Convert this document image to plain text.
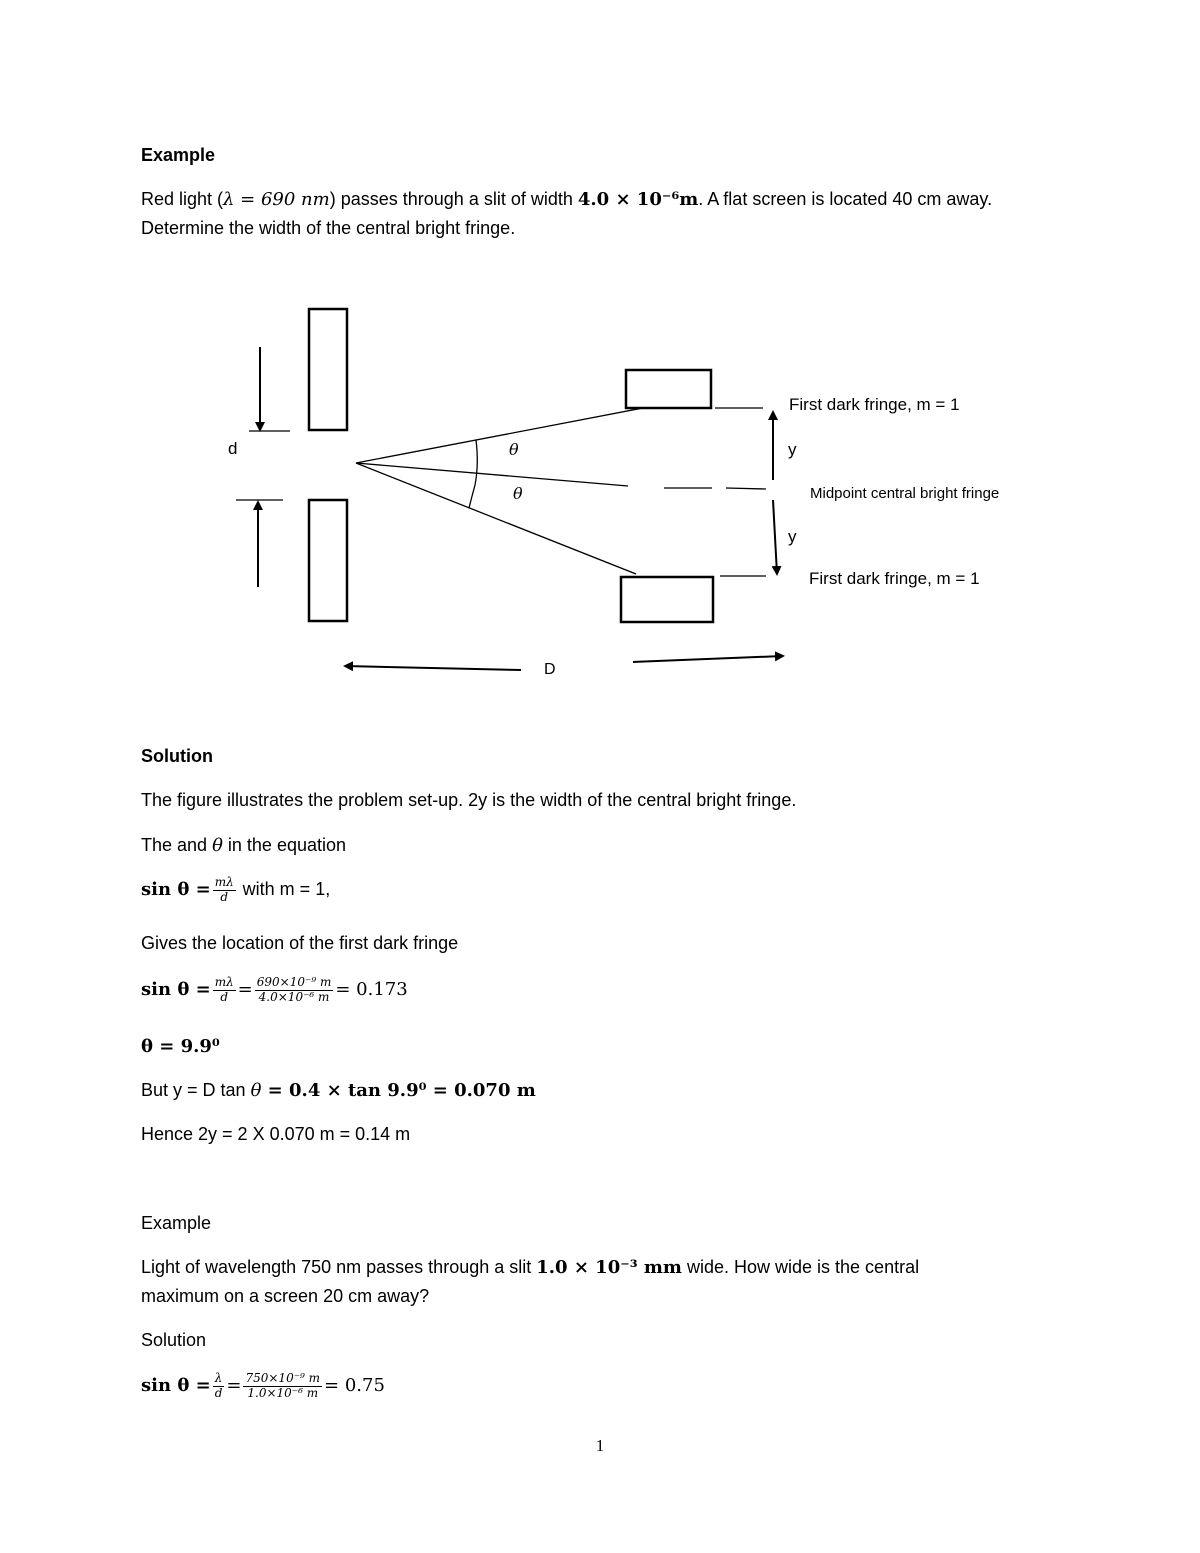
Example
Red light (λ = 690 nm) passes through a slit of width 4.0 × 10⁻⁶m. A flat screen is located 40 cm away.
Determine the width of the central bright fringe.
d	θ
θ
y
y
D
First dark fringe, m = 1
Midpoint central bright fringe
First dark fringe, m = 1
Solution
The figure illustrates the problem set-up. 2y is the width of the central bright fringe.
The and θ in the equation
$\sin \theta = \frac{m\lambda}{d}$ with m = 1,
Gives the location of the first dark fringe
$\sin \theta = \frac{m\lambda}{d} = \frac{\text{690×10⁻⁹ m}}{\text{4.0×10⁻⁶ m}} = 0.173$
θ = 9.9⁰
But y = D tan θ = 0.4 × tan 9.9⁰ = 0.070 m
Hence 2y = 2 X 0.070 m = 0.14 m
Example
Light of wavelength 750 nm passes through a slit 1.0 × 10⁻³ mm wide. How wide is the central
maximum on a screen 20 cm away?
Solution
$\sin \theta = \frac{\lambda}{d} = \frac{\text{750×10⁻⁹ m}}{\text{1.0×10⁻⁶ m}} = 0.75$
1
